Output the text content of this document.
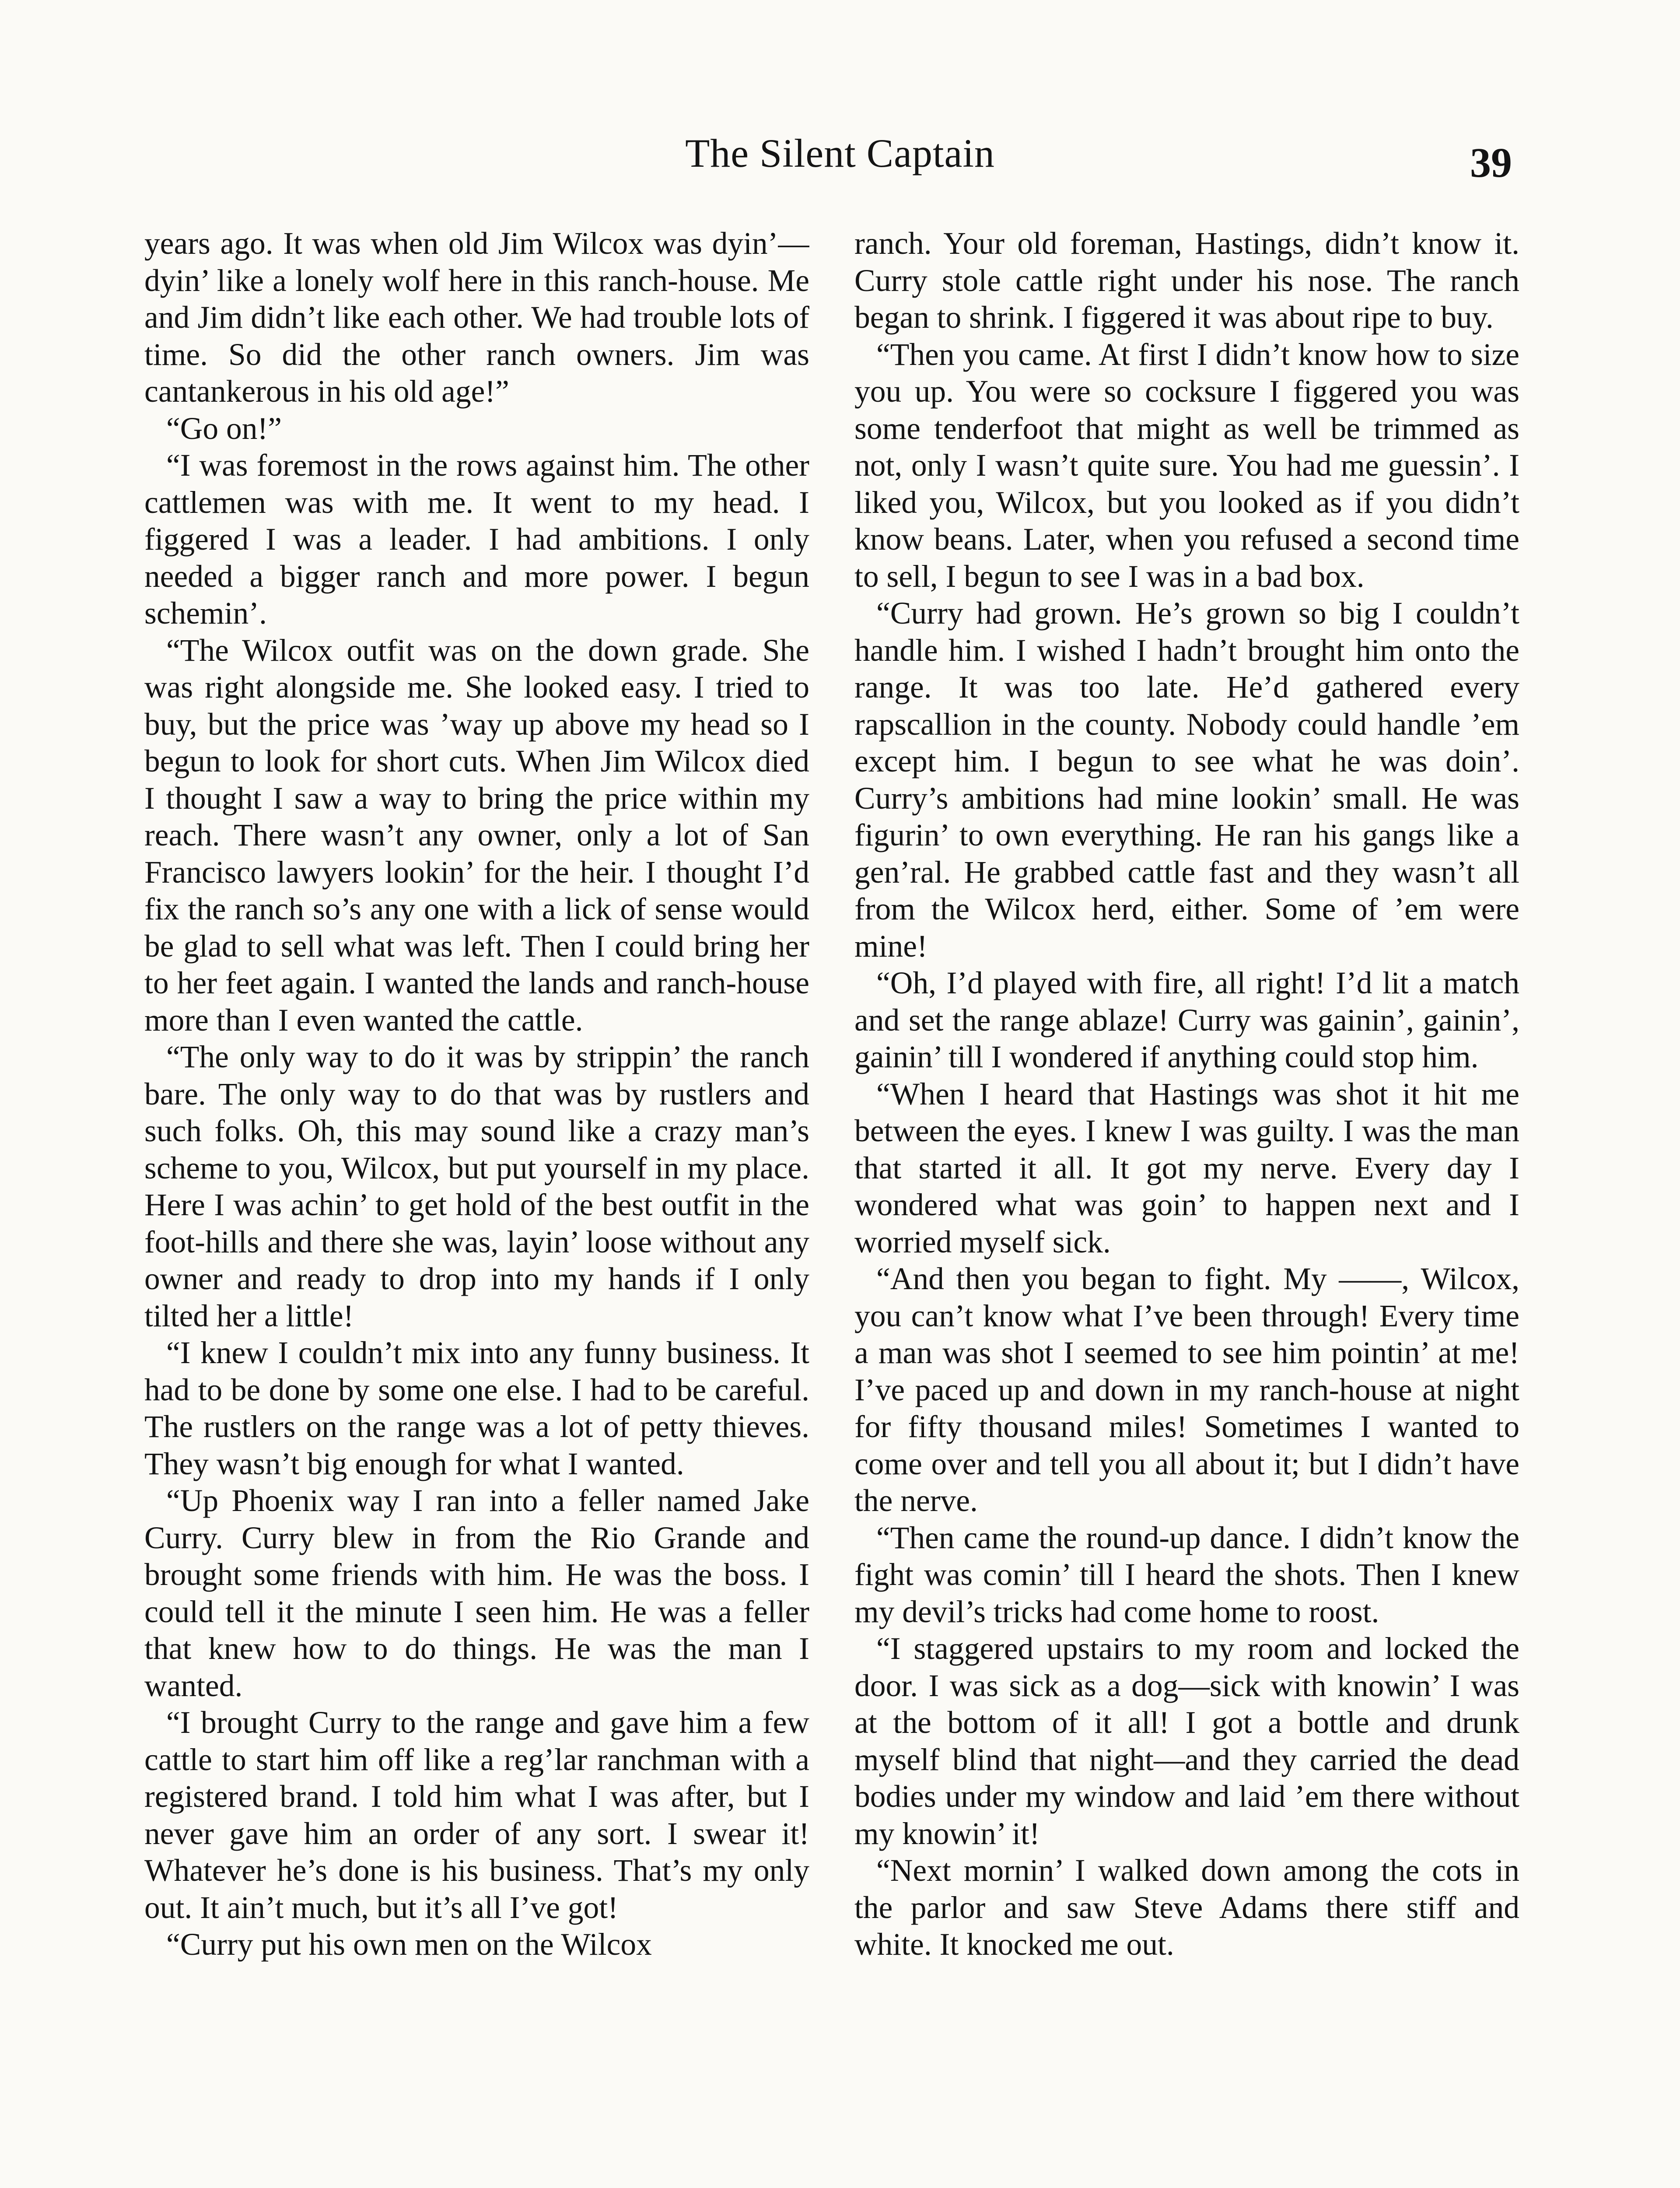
The Silent Captain	39

years ago. It was when old Jim Wilcox was dyin’—dyin’ like a lonely wolf here in this ranch-house. Me and Jim didn’t like each other. We had trouble lots of time. So did the other ranch owners. Jim was cantankerous in his old age!”

“Go on!”

“I was foremost in the rows against him. The other cattlemen was with me. It went to my head. I figgered I was a leader. I had ambitions. I only needed a bigger ranch and more power. I begun schemin’.

“The Wilcox outfit was on the down grade. She was right alongside me. She looked easy. I tried to buy, but the price was ’way up above my head so I begun to look for short cuts. When Jim Wilcox died I thought I saw a way to bring the price within my reach. There wasn’t any owner, only a lot of San Francisco lawyers lookin’ for the heir. I thought I’d fix the ranch so’s any one with a lick of sense would be glad to sell what was left. Then I could bring her to her feet again. I wanted the lands and ranch-house more than I even wanted the cattle.

“The only way to do it was by strippin’ the ranch bare. The only way to do that was by rustlers and such folks. Oh, this may sound like a crazy man’s scheme to you, Wilcox, but put yourself in my place. Here I was achin’ to get hold of the best outfit in the foot-hills and there she was, layin’ loose without any owner and ready to drop into my hands if I only tilted her a little!

“I knew I couldn’t mix into any funny business. It had to be done by some one else. I had to be careful. The rustlers on the range was a lot of petty thieves. They wasn’t big enough for what I wanted.

“Up Phoenix way I ran into a feller named Jake Curry. Curry blew in from the Rio Grande and brought some friends with him. He was the boss. I could tell it the minute I seen him. He was a feller that knew how to do things. He was the man I wanted.

“I brought Curry to the range and gave him a few cattle to start him off like a reg’lar ranchman with a registered brand. I told him what I was after, but I never gave him an order of any sort. I swear it! Whatever he’s done is his business. That’s my only out. It ain’t much, but it’s all I’ve got!

“Curry put his own men on the Wilcox

ranch. Your old foreman, Hastings, didn’t know it. Curry stole cattle right under his nose. The ranch began to shrink. I figgered it was about ripe to buy.

“Then you came. At first I didn’t know how to size you up. You were so cocksure I figgered you was some tenderfoot that might as well be trimmed as not, only I wasn’t quite sure. You had me guessin’. I liked you, Wilcox, but you looked as if you didn’t know beans. Later, when you refused a second time to sell, I begun to see I was in a bad box.

“Curry had grown. He’s grown so big I couldn’t handle him. I wished I hadn’t brought him onto the range. It was too late. He’d gathered every rapscallion in the county. Nobody could handle ’em except him. I begun to see what he was doin’. Curry’s ambitions had mine lookin’ small. He was figurin’ to own everything. He ran his gangs like a gen’ral. He grabbed cattle fast and they wasn’t all from the Wilcox herd, either. Some of ’em were mine!

“Oh, I’d played with fire, all right! I’d lit a match and set the range ablaze! Curry was gainin’, gainin’, gainin’ till I wondered if anything could stop him.

“When I heard that Hastings was shot it hit me between the eyes. I knew I was guilty. I was the man that started it all. It got my nerve. Every day I wondered what was goin’ to happen next and I worried myself sick.

“And then you began to fight. My ——, Wilcox, you can’t know what I’ve been through! Every time a man was shot I seemed to see him pointin’ at me! I’ve paced up and down in my ranch-house at night for fifty thousand miles! Sometimes I wanted to come over and tell you all about it; but I didn’t have the nerve.

“Then came the round-up dance. I didn’t know the fight was comin’ till I heard the shots. Then I knew my devil’s tricks had come home to roost.

“I staggered upstairs to my room and locked the door. I was sick as a dog—sick with knowin’ I was at the bottom of it all! I got a bottle and drunk myself blind that night—and they carried the dead bodies under my window and laid ’em there without my knowin’ it!

“Next mornin’ I walked down among the cots in the parlor and saw Steve Adams there stiff and white. It knocked me out.
